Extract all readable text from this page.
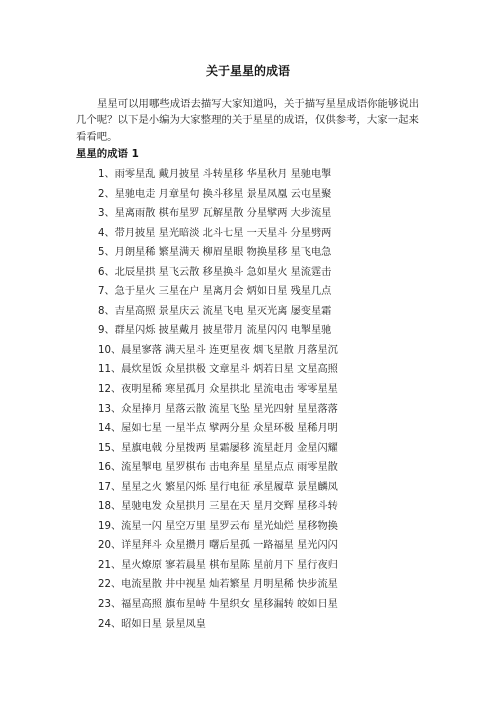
关于星星的成语

星星可以用哪些成语去描写大家知道吗，关于描写星星成语你能够说出几个呢？以下是小编为大家整理的关于星星的成语，仅供参考，大家一起来看看吧。

星星的成语 1
1、雨零星乱 戴月披星 斗转星移 华星秋月 星驰电掣
2、星驰电走 月章星句 换斗移星 景星凤凰 云屯星聚
3、星离雨散 棋布星罗 瓦解星散 分星擘两 大步流星
4、带月披星 星光暗淡 北斗七星 一天星斗 分星劈两
5、月朗星稀 繁星满天 柳眉星眼 物换星移 星飞电急
6、北辰星拱 星飞云散 移星换斗 急如星火 星流霆击
7、急于星火 三星在户 星离月会 炳如日星 残星几点
8、吉星高照 景星庆云 流星飞电 星灭光离 屡变星霜
9、群星闪烁 披星戴月 披星带月 流星闪闪 电掣星驰
10、晨星寥落 满天星斗 连更星夜 烟飞星散 月落星沉
11、晨炊星饭 众星拱极 文章星斗 炳若日星 文星高照
12、夜明星稀 寒星孤月 众星拱北 星流电击 零零星星
13、众星捧月 星落云散 流星飞坠 星光四射 星星落落
14、屋如七星 一星半点 擘两分星 众星环极 星稀月明
15、星旗电戟 分星拨两 星霜屡移 流星赶月 金星闪耀
16、流星掣电 星罗棋布 击电奔星 星星点点 雨零星散
17、星星之火 繁星闪烁 星行电征 承星履草 景星麟凤
18、星驰电发 众星拱月 三星在天 星月交辉 星移斗转
19、流星一闪 星空万里 星罗云布 星光灿烂 星移物换
20、详星拜斗 众星攒月 曙后星孤 一路福星 星光闪闪
21、星火燎原 寥若晨星 棋布星陈 星前月下 星行夜归
22、电流星散 井中视星 灿若繁星 月明星稀 快步流星
23、福星高照 旗布星峙 牛星织女 星移漏转 皎如日星
24、昭如日星 景星凤皇
